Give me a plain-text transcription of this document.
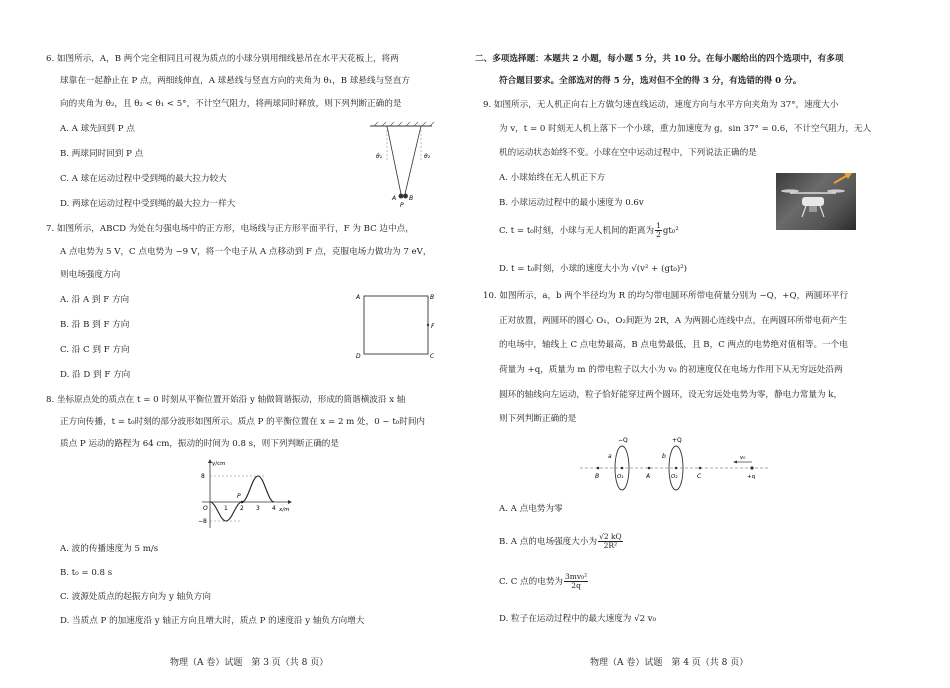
6. 如图所示，A，B 两个完全相同且可视为质点的小球分别用细线悬吊在水平天花板上，将两
球靠在一起静止在 P 点，两细线伸直，A 球悬线与竖直方向的夹角为 θ₁，B 球悬线与竖直方
向的夹角为 θ₂，且 θ₂ < θ₁ < 5°，不计空气阻力，将两球同时释放，则下列判断正确的是
A. A 球先回到 P 点
B. 两球同时回到 P 点
C. A 球在运动过程中受到绳的最大拉力较大
D. 两球在运动过程中受到绳的最大拉力一样大
θ₁	θ₂
A B
P
7. 如图所示，ABCD 为处在匀强电场中的正方形，电场线与正方形平面平行，F 为 BC 边中点，
A 点电势为 5 V，C 点电势为 −9 V，将一个电子从 A 点移动到 F 点，克服电场力做功为 7 eV，
则电场强度方向
A. 沿 A 到 F 方向
B. 沿 B 到 F 方向
C. 沿 C 到 F 方向
D. 沿 D 到 F 方向
A	B
C
D
F
8. 坐标原点处的质点在 t = 0 时刻从平衡位置开始沿 y 轴做简谐振动，形成的简谐横波沿 x 轴
正方向传播，t = t₀时刻的部分波形如图所示。质点 P 的平衡位置在 x = 2 m 处，0 ~ t₀时间内
质点 P 运动的路程为 64 cm，振动的时间为 0.8 s，则下列判断正确的是
y/cm
x/m
8
−8
O	1 2 3 4
P
A. 波的传播速度为 5 m/s
B. t₀ = 0.8 s
C. 波源处质点的起振方向为 y 轴负方向
D. 当质点 P 的加速度沿 y 轴正方向且增大时，质点 P 的速度沿 y 轴负方向增大
物理（A 卷）试题　第 3 页（共 8 页）
二、多项选择题：本题共 2 小题，每小题 5 分，共 10 分。在每小题给出的四个选项中，有多项
符合题目要求。全部选对的得 5 分，选对但不全的得 3 分，有选错的得 0 分。
9. 如图所示，无人机正向右上方做匀速直线运动，速度方向与水平方向夹角为 37°，速度大小
为 v，t = 0 时刻无人机上落下一个小球，重力加速度为 g，sin 37° = 0.6，不计空气阻力，无人
机的运动状态始终不变。小球在空中运动过程中，下列说法正确的是
A. 小球始终在无人机正下方
B. 小球运动过程中的最小速度为 0.6v
C. t = t₀时刻，小球与无人机间的距离为 $\frac{1}{2} gt_0^2$
D. t = t₀时刻，小球的速度大小为 √(v² + (gt₀)²)
10. 如图所示，a，b 两个半径均为 R 的均匀带电圆环所带电荷量分别为 −Q，+Q，两圆环平行
正对放置，两圆环的圆心 O₁，O₂间距为 2R，A 为两圆心连线中点，在两圆环所带电荷产生
的电场中，轴线上 C 点电势最高，B 点电势最低，且 B，C 两点的电势绝对值相等。一个电
荷量为 +q，质量为 m 的带电粒子以大小为 v₀ 的初速度仅在电场力作用下从无穷远处沿两
圆环的轴线向左运动，粒子恰好能穿过两个圆环，设无穷远处电势为零，静电力常量为 k，
则下列判断正确的是
−Q	+Q
a	b
O₁	O₂
B	A	C
v₀
+q
A. A 点电势为零
B. A 点的电场强度大小为 $\frac{√2 kQ}{\text{2R²}}$
C. C 点的电势为 $\frac{\text{3mv₀²}}{2q}$
D. 粒子在运动过程中的最大速度为 √2 v₀
物理（A 卷）试题　第 4 页（共 8 页）
